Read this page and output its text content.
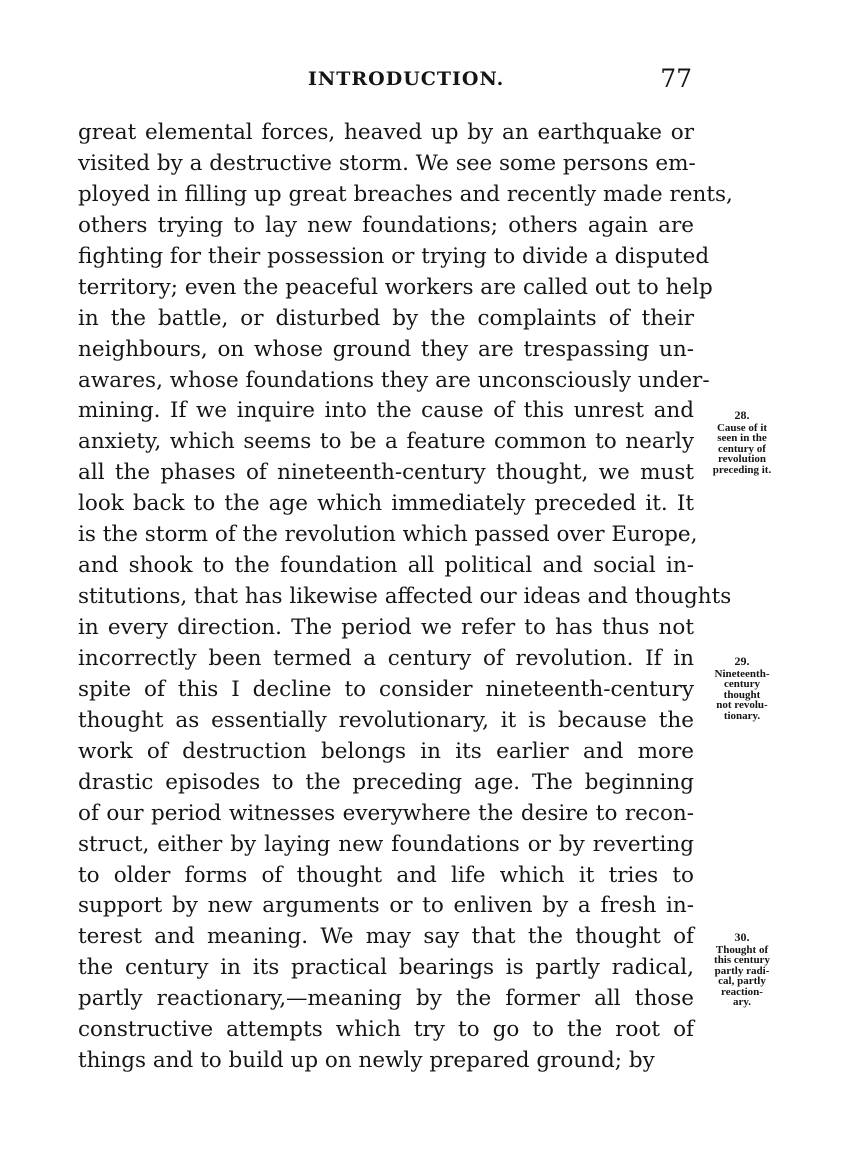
INTRODUCTION.	77
great elemental forces, heaved up by an earthquake or
visited by a destructive storm. We see some persons em-
ployed in filling up great breaches and recently made rents,
others trying to lay new foundations; others again are
fighting for their possession or trying to divide a disputed
territory; even the peaceful workers are called out to help
in the battle, or disturbed by the complaints of their
neighbours, on whose ground they are trespassing un-
awares, whose foundations they are unconsciously under-
mining. If we inquire into the cause of this unrest and
anxiety, which seems to be a feature common to nearly
all the phases of nineteenth-century thought, we must
look back to the age which immediately preceded it. It
is the storm of the revolution which passed over Europe,
and shook to the foundation all political and social in-
stitutions, that has likewise affected our ideas and thoughts
in every direction. The period we refer to has thus not
incorrectly been termed a century of revolution. If in
spite of this I decline to consider nineteenth-century
thought as essentially revolutionary, it is because the
work of destruction belongs in its earlier and more
drastic episodes to the preceding age. The beginning
of our period witnesses everywhere the desire to recon-
struct, either by laying new foundations or by reverting
to older forms of thought and life which it tries to
support by new arguments or to enliven by a fresh in-
terest and meaning. We may say that the thought of
the century in its practical bearings is partly radical,
partly reactionary,—meaning by the former all those
constructive attempts which try to go to the root of
things and to build up on newly prepared ground; by
28.
Cause of it
seen in the
century of
revolution
preceding it.
29.
Nineteenth-
century
thought
not revolu-
tionary.
30.
Thought of
this century
partly radi-
cal, partly
reaction-
ary.
